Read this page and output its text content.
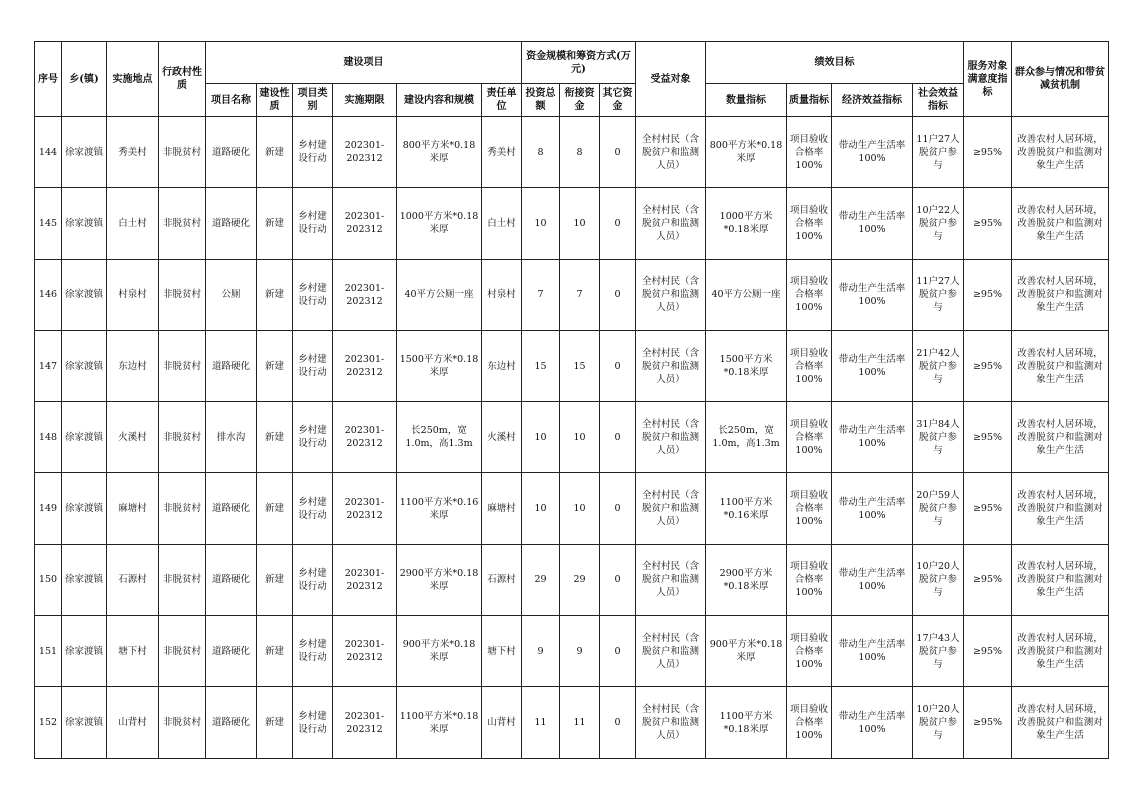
序号	乡(镇)	实施地点	行政村性质	建设项目						资金规模和筹资方式(万元)			受益对象	绩效目标				服务对象满意度指标	群众参与情况和带贫减贫机制
				项目名称	建设性质	项目类别	实施期限	建设内容和规模	责任单位	投资总额	衔接资金	其它资金		数量指标	质量指标	经济效益指标	社会效益指标		
144	徐家渡镇	秀美村	非脱贫村	道路硬化	新建	乡村建设行动	202301-202312	800平方米*0.18米厚	秀美村	8	8	0	全村村民（含脱贫户和监测人员）	800平方米*0.18米厚	项目验收合格率100%	带动生产生活率100%	11户27人脱贫户参与	≥95%	改善农村人居环境，改善脱贫户和监测对象生产生活
145	徐家渡镇	白土村	非脱贫村	道路硬化	新建	乡村建设行动	202301-202312	1000平方米*0.18米厚	白土村	10	10	0	全村村民（含脱贫户和监测人员）	1000平方米*0.18米厚	项目验收合格率100%	带动生产生活率100%	10户22人脱贫户参与	≥95%	改善农村人居环境，改善脱贫户和监测对象生产生活
146	徐家渡镇	村泉村	非脱贫村	公厕	新建	乡村建设行动	202301-202312	40平方公厕一座	村泉村	7	7	0	全村村民（含脱贫户和监测人员）	40平方公厕一座	项目验收合格率100%	带动生产生活率100%	11户27人脱贫户参与	≥95%	改善农村人居环境，改善脱贫户和监测对象生产生活
147	徐家渡镇	东边村	非脱贫村	道路硬化	新建	乡村建设行动	202301-202312	1500平方米*0.18米厚	东边村	15	15	0	全村村民（含脱贫户和监测人员）	1500平方米*0.18米厚	项目验收合格率100%	带动生产生活率100%	21户42人脱贫户参与	≥95%	改善农村人居环境，改善脱贫户和监测对象生产生活
148	徐家渡镇	火溪村	非脱贫村	排水沟	新建	乡村建设行动	202301-202312	长250m，宽1.0m，高1.3m	火溪村	10	10	0	全村村民（含脱贫户和监测人员）	长250m，宽1.0m，高1.3m	项目验收合格率100%	带动生产生活率100%	31户84人脱贫户参与	≥95%	改善农村人居环境，改善脱贫户和监测对象生产生活
149	徐家渡镇	麻塘村	非脱贫村	道路硬化	新建	乡村建设行动	202301-202312	1100平方米*0.16米厚	麻塘村	10	10	0	全村村民（含脱贫户和监测人员）	1100平方米*0.16米厚	项目验收合格率100%	带动生产生活率100%	20户59人脱贫户参与	≥95%	改善农村人居环境，改善脱贫户和监测对象生产生活
150	徐家渡镇	石源村	非脱贫村	道路硬化	新建	乡村建设行动	202301-202312	2900平方米*0.18米厚	石源村	29	29	0	全村村民（含脱贫户和监测人员）	2900平方米*0.18米厚	项目验收合格率100%	带动生产生活率100%	10户20人脱贫户参与	≥95%	改善农村人居环境，改善脱贫户和监测对象生产生活
151	徐家渡镇	塘下村	非脱贫村	道路硬化	新建	乡村建设行动	202301-202312	900平方米*0.18米厚	塘下村	9	9	0	全村村民（含脱贫户和监测人员）	900平方米*0.18米厚	项目验收合格率100%	带动生产生活率100%	17户43人脱贫户参与	≥95%	改善农村人居环境，改善脱贫户和监测对象生产生活
152	徐家渡镇	山背村	非脱贫村	道路硬化	新建	乡村建设行动	202301-202312	1100平方米*0.18米厚	山背村	11	11	0	全村村民（含脱贫户和监测人员）	1100平方米*0.18米厚	项目验收合格率100%	带动生产生活率100%	10户20人脱贫户参与	≥95%	改善农村人居环境，改善脱贫户和监测对象生产生活
